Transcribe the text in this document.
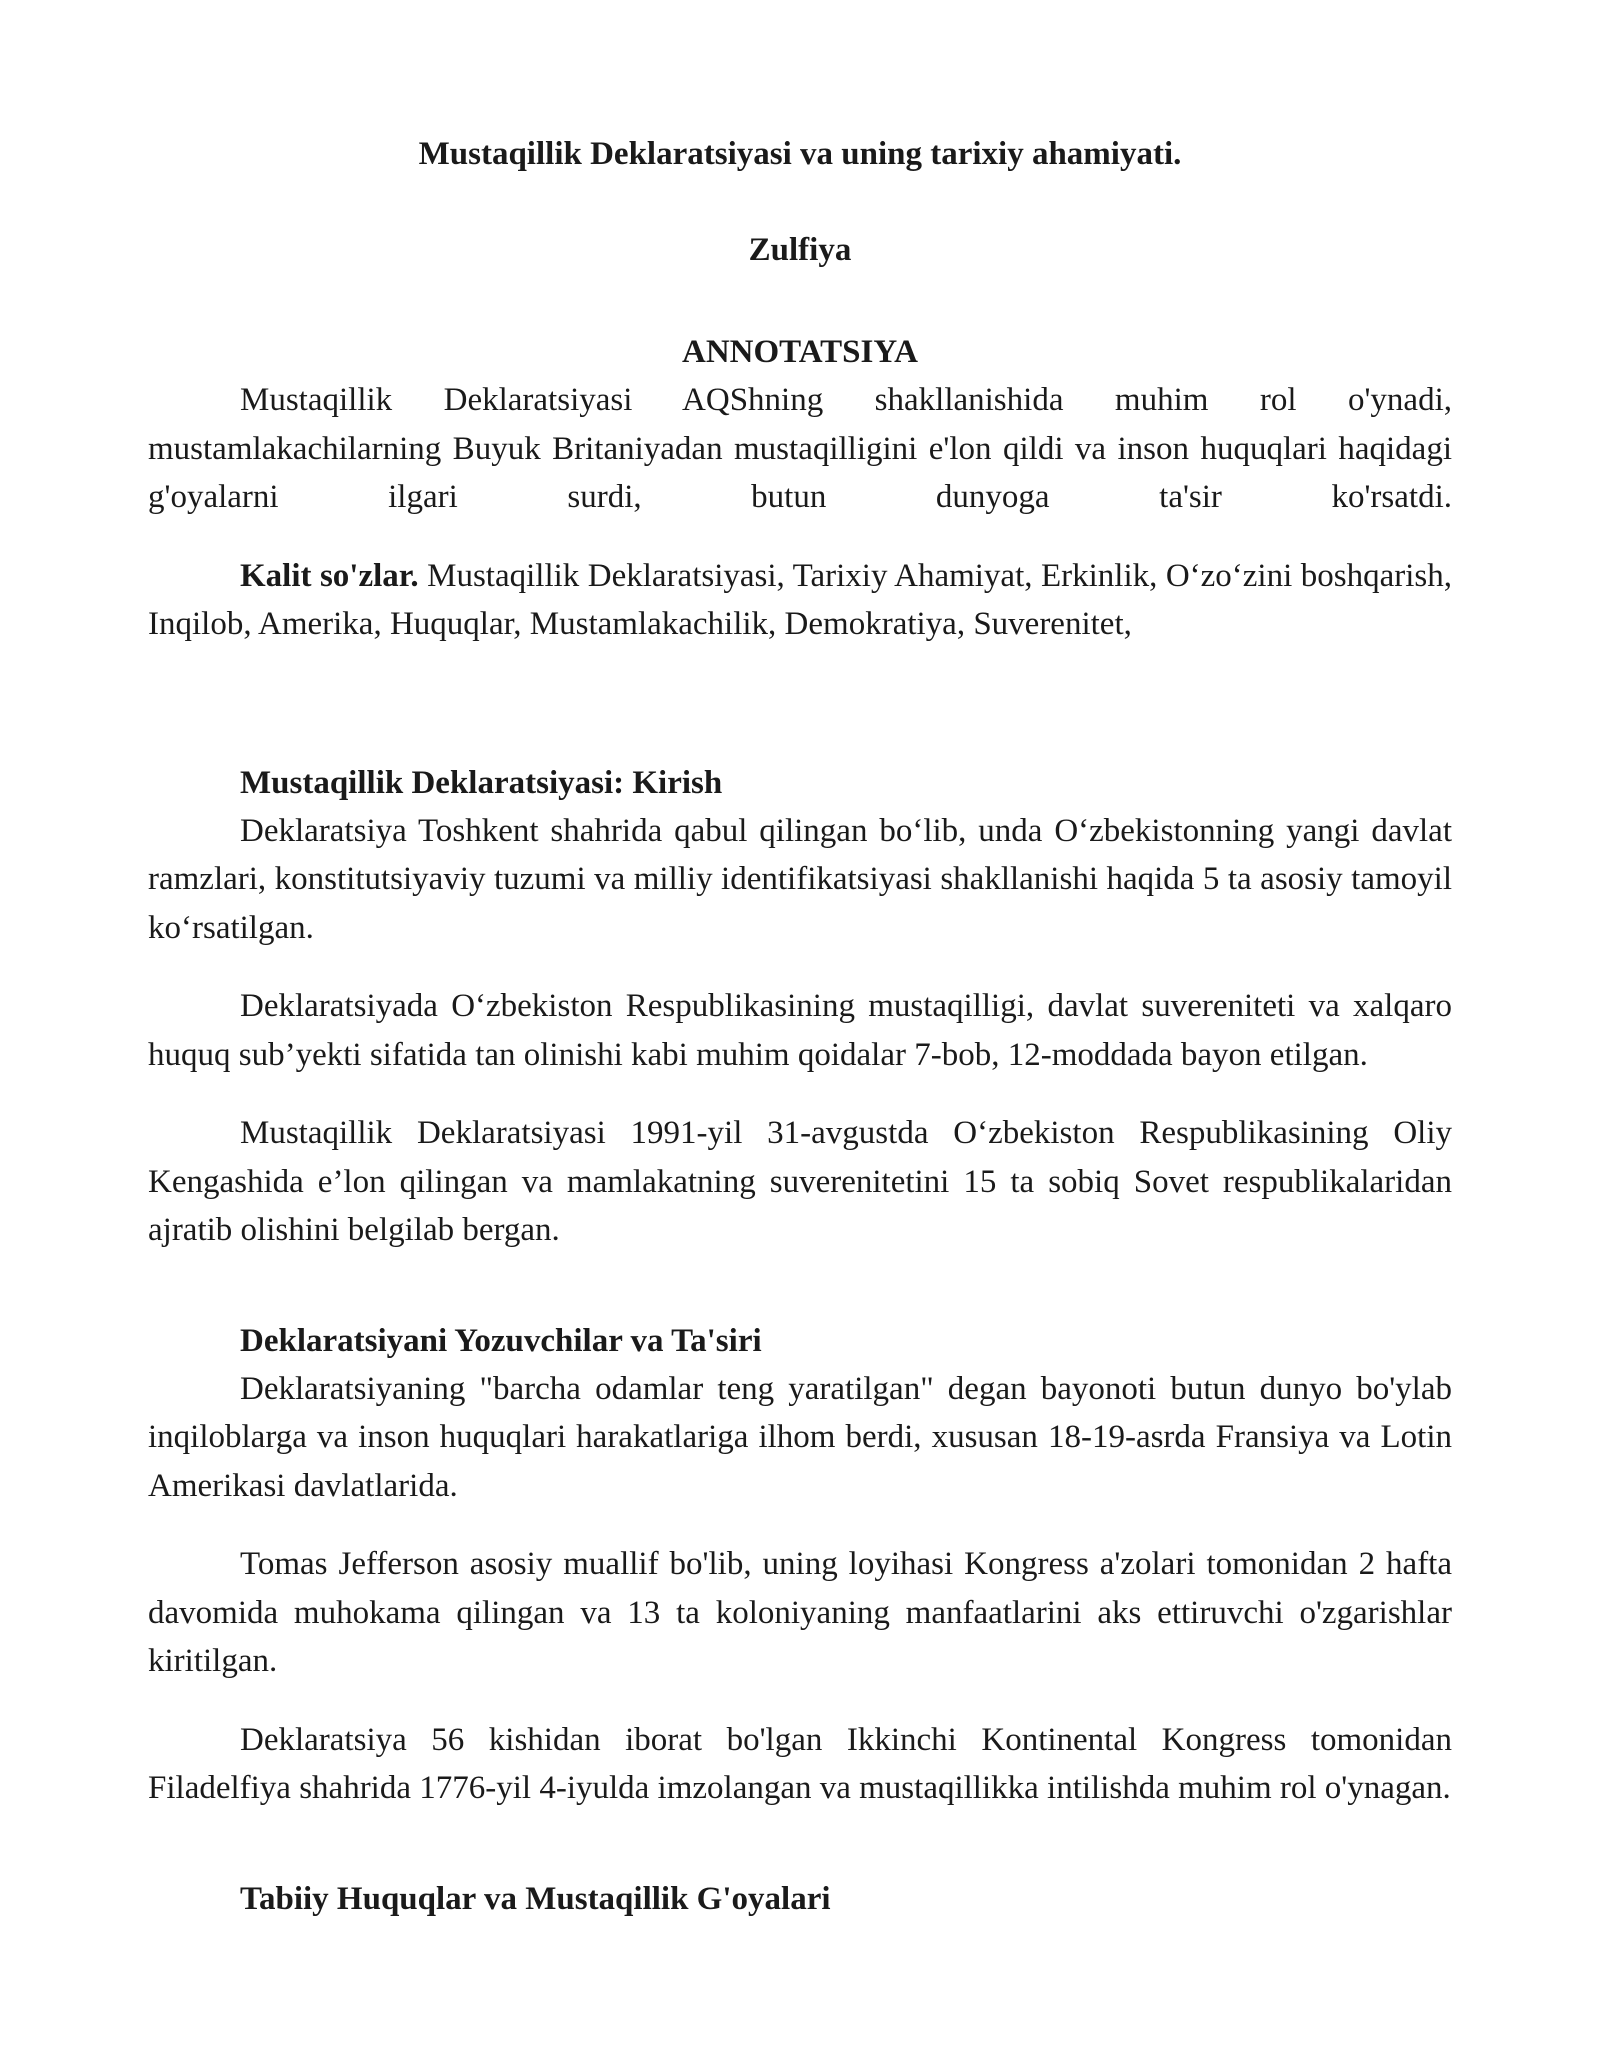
Mustaqillik Deklaratsiyasi va uning tarixiy ahamiyati.
Zulfiya
ANNOTATSIYA

Mustaqillik Deklaratsiyasi AQShning shakllanishida muhim rol o'ynadi, mustamlakachilarning Buyuk Britaniyadan mustaqilligini e'lon qildi va inson huquqlari haqidagi g'oyalarni ilgari surdi, butun dunyoga ta'sir ko'rsatdi.

Kalit so'zlar. Mustaqillik Deklaratsiyasi, Tarixiy Ahamiyat, Erkinlik, O‘zo‘zini boshqarish, Inqilob, Amerika, Huquqlar, Mustamlakachilik, Demokratiya, Suverenitet,

Mustaqillik Deklaratsiyasi: Kirish

Deklaratsiya Toshkent shahrida qabul qilingan bo‘lib, unda O‘zbekistonning yangi davlat ramzlari, konstitutsiyaviy tuzumi va milliy identifikatsiyasi shakllanishi haqida 5 ta asosiy tamoyil ko‘rsatilgan.

Deklaratsiyada O‘zbekiston Respublikasining mustaqilligi, davlat suvereniteti va xalqaro huquq sub’yekti sifatida tan olinishi kabi muhim qoidalar 7-bob, 12-moddada bayon etilgan.

Mustaqillik Deklaratsiyasi 1991-yil 31-avgustda O‘zbekiston Respublikasining Oliy Kengashida e’lon qilingan va mamlakatning suverenitetini 15 ta sobiq Sovet respublikalaridan ajratib olishini belgilab bergan.

Deklaratsiyani Yozuvchilar va Ta'siri

Deklaratsiyaning "barcha odamlar teng yaratilgan" degan bayonoti butun dunyo bo'ylab inqiloblarga va inson huquqlari harakatlariga ilhom berdi, xususan 18-19-asrda Fransiya va Lotin Amerikasi davlatlarida.

Tomas Jefferson asosiy muallif bo'lib, uning loyihasi Kongress a'zolari tomonidan 2 hafta davomida muhokama qilingan va 13 ta koloniyaning manfaatlarini aks ettiruvchi o'zgarishlar kiritilgan.

Deklaratsiya 56 kishidan iborat bo'lgan Ikkinchi Kontinental Kongress tomonidan Filadelfiya shahrida 1776-yil 4-iyulda imzolangan va mustaqillikka intilishda muhim rol o'ynagan.

Tabiiy Huquqlar va Mustaqillik G'oyalari
